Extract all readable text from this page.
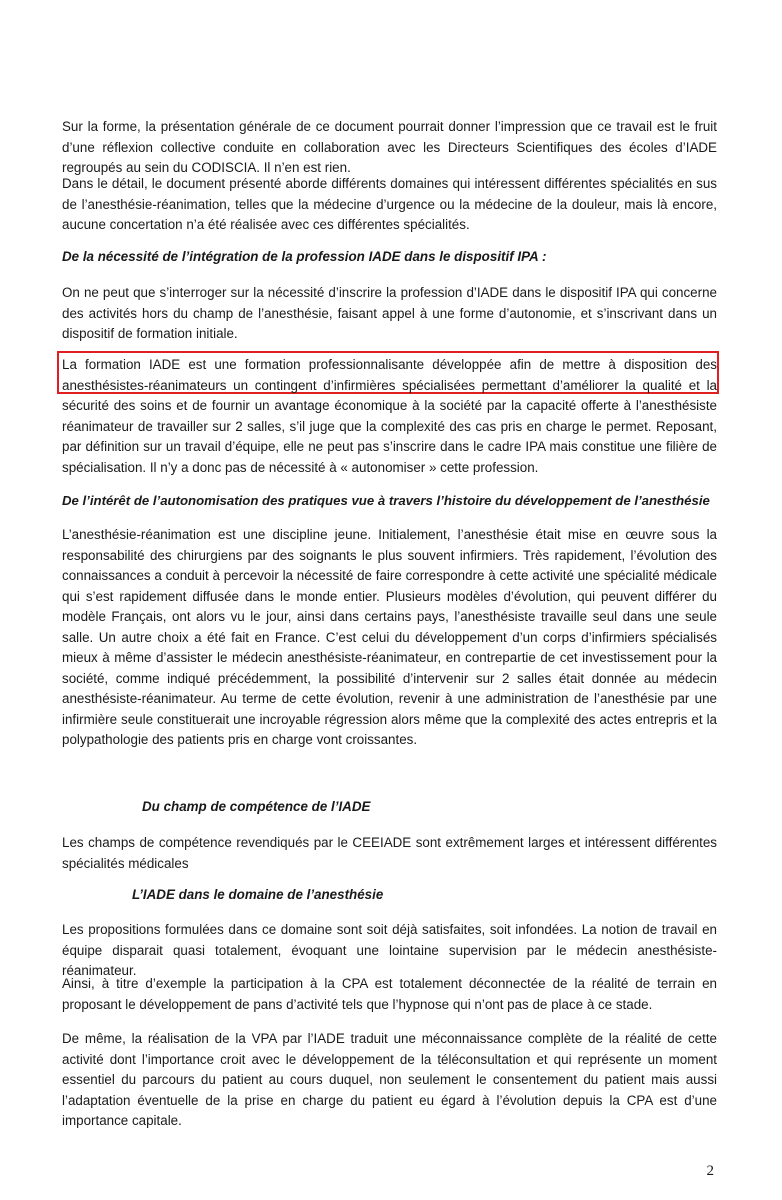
Sur la forme, la présentation générale de ce document pourrait donner l’impression que ce travail est le fruit d’une réflexion collective conduite en collaboration avec les Directeurs Scientifiques des écoles d’IADE regroupés au sein du CODISCIA. Il n’en est rien.

Dans le détail, le document présenté aborde différents domaines qui intéressent différentes spécialités en sus de l’anesthésie-réanimation, telles que la médecine d’urgence ou la médecine de la douleur, mais là encore, aucune concertation n’a été réalisée avec ces différentes spécialités.

De la nécessité de l’intégration de la profession IADE dans le dispositif IPA :

On ne peut que s’interroger sur la nécessité d’inscrire la profession d’IADE dans le dispositif IPA qui concerne des activités hors du champ de l’anesthésie, faisant appel à une forme d’autonomie, et s’inscrivant dans un dispositif de formation initiale.

La formation IADE est une formation professionnalisante développée afin de mettre à disposition des anesthésistes-réanimateurs un contingent d’infirmières spécialisées permettant d’améliorer la qualité et la sécurité des soins et de fournir un avantage économique à la société par la capacité offerte à l’anesthésiste réanimateur de travailler sur 2 salles, s’il juge que la complexité des cas pris en charge le permet. Reposant, par définition sur un travail d’équipe, elle ne peut pas s’inscrire dans le cadre IPA mais constitue une filière de spécialisation. Il n’y a donc pas de nécessité à « autonomiser » cette profession.

De l’intérêt de l’autonomisation des pratiques vue à travers l’histoire du développement de l’anesthésie

L’anesthésie-réanimation est une discipline jeune. Initialement, l’anesthésie était mise en œuvre sous la responsabilité des chirurgiens par des soignants le plus souvent infirmiers. Très rapidement, l’évolution des connaissances a conduit à percevoir la nécessité de faire correspondre à cette activité une spécialité médicale qui s’est rapidement diffusée dans le monde entier. Plusieurs modèles d’évolution, qui peuvent différer du modèle Français, ont alors vu le jour, ainsi dans certains pays, l’anesthésiste travaille seul dans une seule salle. Un autre choix a été fait en France. C’est celui du développement d’un corps d’infirmiers spécialisés mieux à même d’assister le médecin anesthésiste-réanimateur, en contrepartie de cet investissement pour la société, comme indiqué précédemment, la possibilité d’intervenir sur 2 salles était donnée au médecin anesthésiste-réanimateur. Au terme de cette évolution, revenir à une administration de l’anesthésie par une infirmière seule constituerait une incroyable régression alors même que la complexité des actes entrepris et la polypathologie des patients pris en charge vont croissantes.

Du champ de compétence de l’IADE

Les champs de compétence revendiqués par le CEEIADE sont extrêmement larges et intéressent différentes spécialités médicales

L’IADE dans le domaine de l’anesthésie

Les propositions formulées dans ce domaine sont soit déjà satisfaites, soit infondées. La notion de travail en équipe disparait quasi totalement, évoquant une lointaine supervision par le médecin anesthésiste-réanimateur.

Ainsi, à titre d’exemple la participation à la CPA est totalement déconnectée de la réalité de terrain en proposant le développement de pans d’activité tels que l’hypnose qui n’ont pas de place à ce stade.

De même, la réalisation de la VPA par l’IADE traduit une méconnaissance complète de la réalité de cette activité dont l’importance croit avec le développement de la téléconsultation et qui représente un moment essentiel du parcours du patient au cours duquel, non seulement le consentement du patient mais aussi l’adaptation éventuelle de la prise en charge du patient eu égard à l’évolution depuis la CPA est d’une importance capitale.

2
